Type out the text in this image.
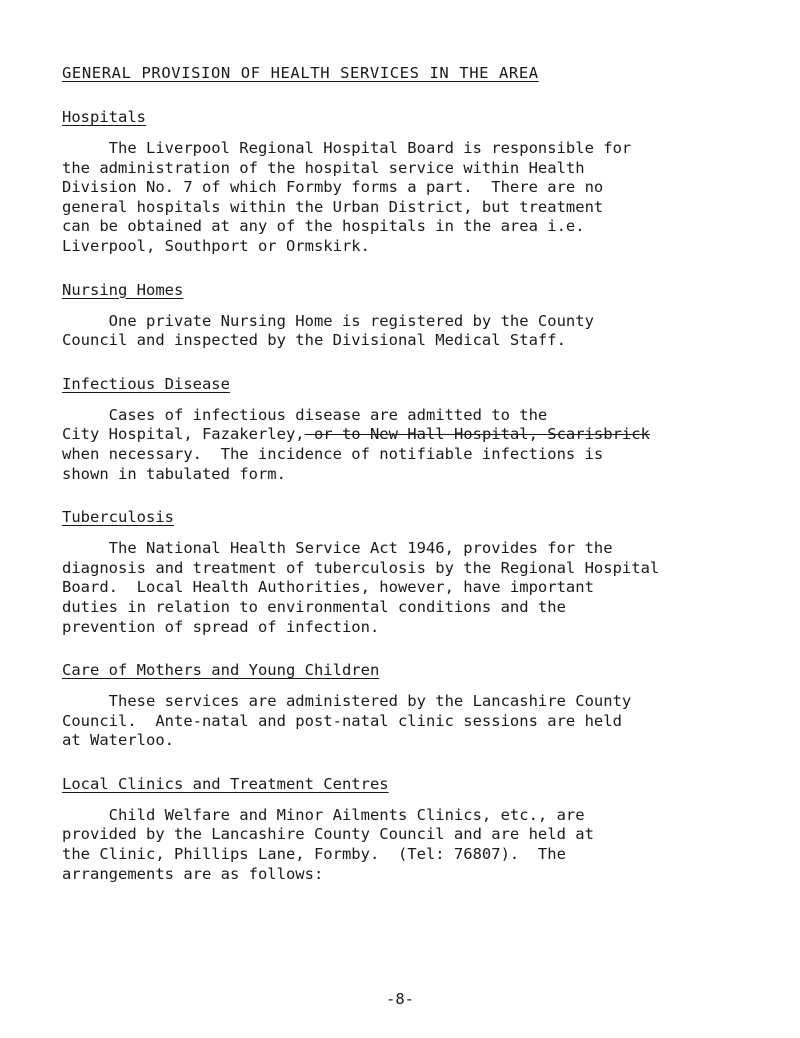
GENERAL PROVISION OF HEALTH SERVICES IN THE AREA
Hospitals
The Liverpool Regional Hospital Board is responsible for
the administration of the hospital service within Health
Division No. 7 of which Formby forms a part.  There are no
general hospitals within the Urban District, but treatment
can be obtained at any of the hospitals in the area i.e.
Liverpool, Southport or Ormskirk.
Nursing Homes
One private Nursing Home is registered by the County
Council and inspected by the Divisional Medical Staff.
Infectious Disease
Cases of infectious disease are admitted to the
City Hospital, Fazakerley, or to New Hall Hospital, Scarisbrick
when necessary.  The incidence of notifiable infections is
shown in tabulated form.
Tuberculosis
The National Health Service Act 1946, provides for the
diagnosis and treatment of tuberculosis by the Regional Hospital
Board.  Local Health Authorities, however, have important
duties in relation to environmental conditions and the
prevention of spread of infection.
Care of Mothers and Young Children
These services are administered by the Lancashire County
Council.  Ante-natal and post-natal clinic sessions are held
at Waterloo.
Local Clinics and Treatment Centres
Child Welfare and Minor Ailments Clinics, etc., are
provided by the Lancashire County Council and are held at
the Clinic, Phillips Lane, Formby.  (Tel: 76807).  The
arrangements are as follows:
-8-
